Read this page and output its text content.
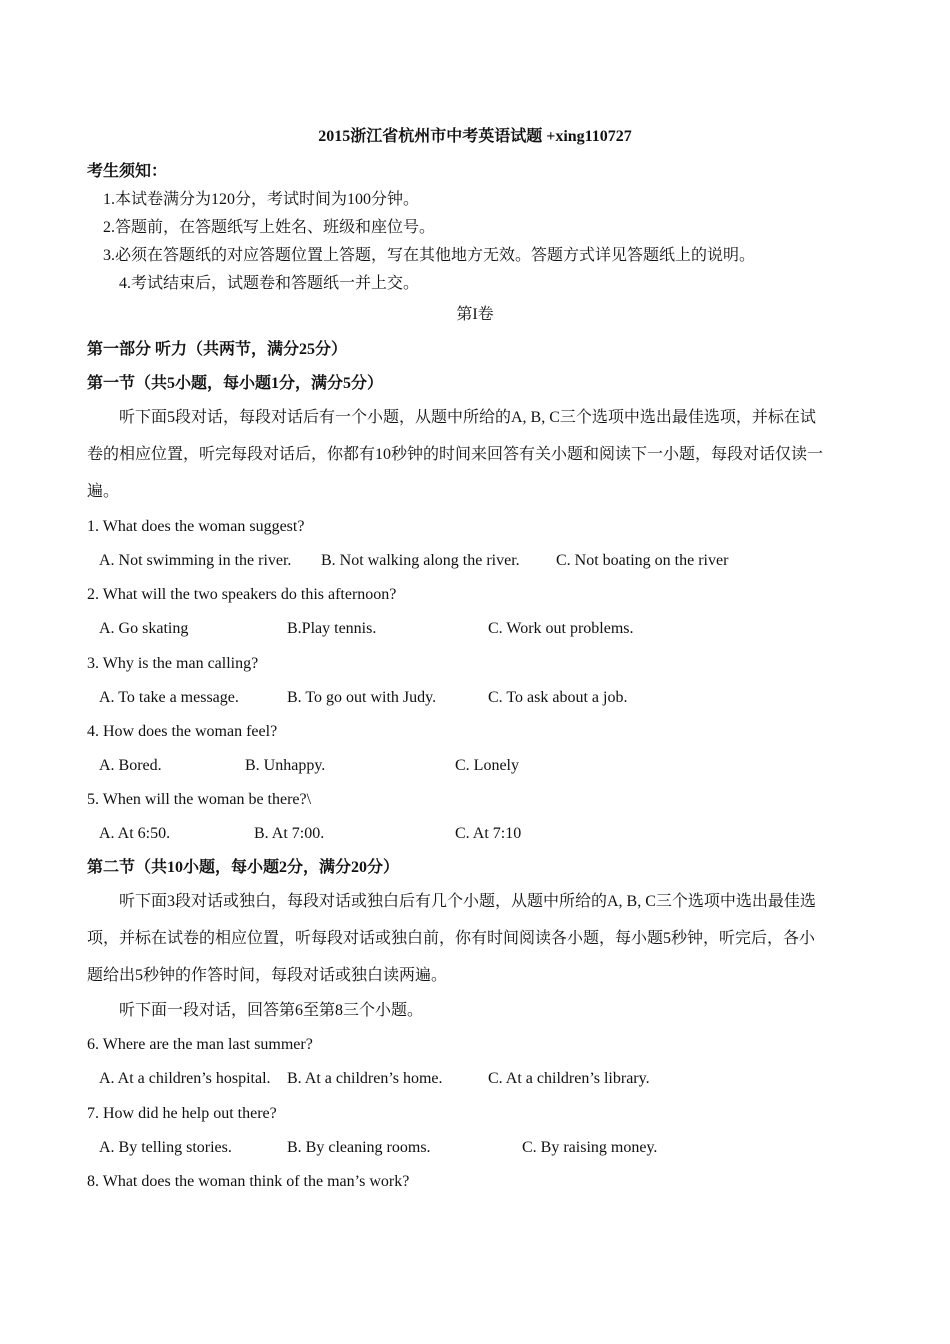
2015浙江省杭州市中考英语试题 +xing110727
考生须知：
1.本试卷满分为120分，考试时间为100分钟。
2.答题前，在答题纸写上姓名、班级和座位号。
3.必须在答题纸的对应答题位置上答题，写在其他地方无效。答题方式详见答题纸上的说明。
4.考试结束后，试题卷和答题纸一并上交。
第I卷
第一部分 听力（共两节，满分25分）
第一节（共5小题，每小题1分，满分5分）
听下面5段对话，每段对话后有一个小题，从题中所给的A, B, C三个选项中选出最佳选项，并标在试
卷的相应位置，听完每段对话后，你都有10秒钟的时间来回答有关小题和阅读下一小题，每段对话仅读一
遍。
1. What does the woman suggest?
A. Not swimming in the river. B. Not walking along the river. C. Not boating on the river
2. What will the two speakers do this afternoon?
A. Go skating	B.Play tennis.	C. Work out problems.
3. Why is the man calling?
A. To take a message.	B. To go out with Judy.	C. To ask about a job.
4. How does the woman feel?
A. Bored.	B. Unhappy.	C. Lonely
5. When will the woman be there?\
A. At 6:50.	B. At 7:00.	C. At 7:10
第二节（共10小题，每小题2分，满分20分）
听下面3段对话或独白，每段对话或独白后有几个小题，从题中所给的A, B, C三个选项中选出最佳选
项，并标在试卷的相应位置，听每段对话或独白前，你有时间阅读各小题，每小题5秒钟，听完后，各小
题给出5秒钟的作答时间，每段对话或独白读两遍。
听下面一段对话，回答第6至第8三个小题。
6. Where are the man last summer?
A. At a children’s hospital. B. At a children’s home.	C. At a children’s library.
7. How did he help out there?
A. By telling stories.	B. By cleaning rooms.	C. By raising money.
8. What does the woman think of the man’s work?
